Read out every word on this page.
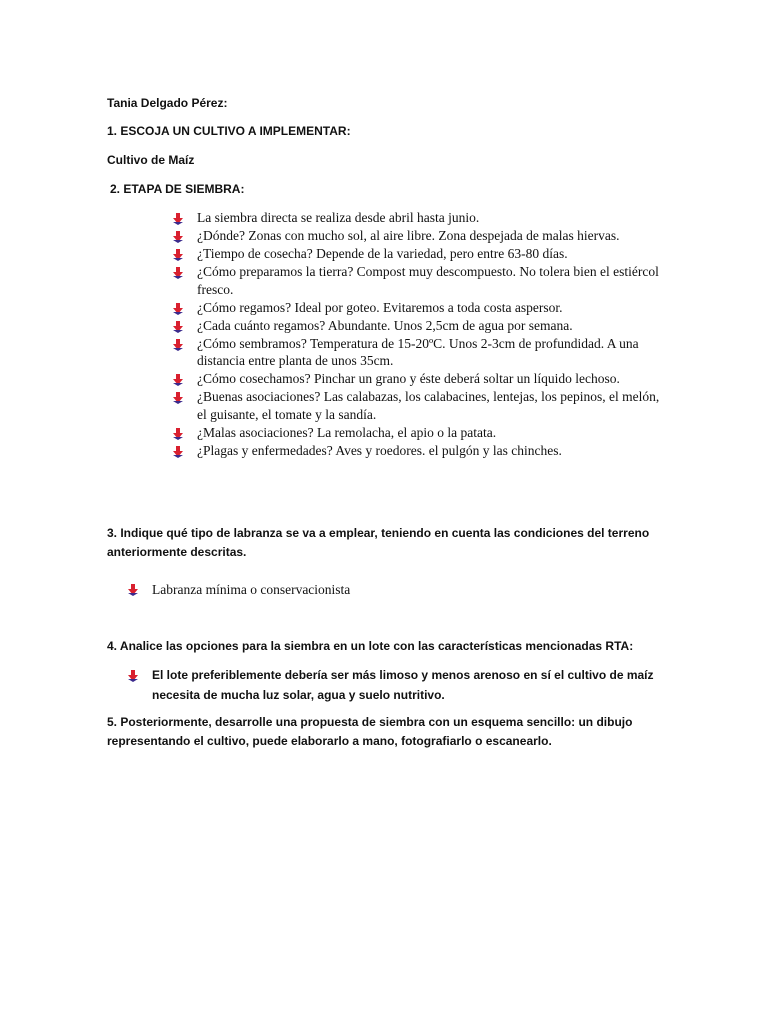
Tania Delgado Pérez:

1. ESCOJA UN CULTIVO A IMPLEMENTAR:

Cultivo de Maíz

2. ETAPA DE SIEMBRA:

La siembra directa se realiza desde abril hasta junio.
¿Dónde? Zonas con mucho sol, al aire libre. Zona despejada de malas hiervas.
¿Tiempo de cosecha? Depende de la variedad, pero entre 63-80 días.
¿Cómo preparamos la tierra? Compost muy descompuesto. No tolera bien el estiércol fresco.
¿Cómo regamos? Ideal por goteo. Evitaremos a toda costa aspersor.
¿Cada cuánto regamos? Abundante. Unos 2,5cm de agua por semana.
¿Cómo sembramos? Temperatura de 15-20ºC. Unos 2-3cm de profundidad. A una distancia entre planta de unos 35cm.
¿Cómo cosechamos? Pinchar un grano y éste deberá soltar un líquido lechoso.
¿Buenas asociaciones? Las calabazas, los calabacines, lentejas, los pepinos, el melón, el guisante, el tomate y la sandía.
¿Malas asociaciones? La remolacha, el apio o la patata.
¿Plagas y enfermedades? Aves y roedores. el pulgón y las chinches.

3. Indique qué tipo de labranza se va a emplear, teniendo en cuenta las condiciones del terreno anteriormente descritas.

Labranza mínima o conservacionista

4. Analice las opciones para la siembra en un lote con las características mencionadas RTA:

El lote preferiblemente debería ser más limoso y menos arenoso en sí el cultivo de maíz necesita de mucha luz solar, agua y suelo nutritivo.

5. Posteriormente, desarrolle una propuesta de siembra con un esquema sencillo: un dibujo representando el cultivo, puede elaborarlo a mano, fotografiarlo o escanearlo.
